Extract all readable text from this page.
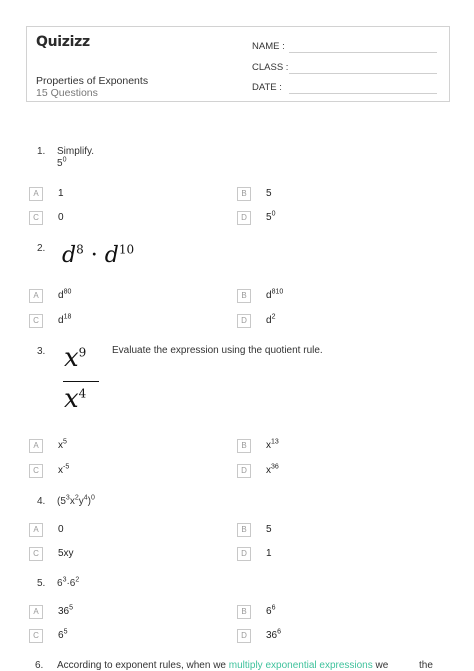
Quizizz
Properties of Exponents
15 Questions
NAME :
CLASS :
DATE :
1. Simplify.
$5^0$
A	1	B	5
C	0	D	$5^0$
2. $d^8 \cdot d^{10}$
A	$d^{80}$	B	$d^{810}$
C	$d^{18}$	D	$d^2$
3. $x^9$
$x^4$
Evaluate the expression using the quotient rule.
A	$x^5$	B	$x^{13}$
C	$x^{-5}$	D	$x^{36}$
4. $(5^3x^2y^4)^0$
A	0	B	5
C	5xy	D	1
5. $6^3\cdot 6^2$
A	$36^5$	B	$6^6$
C	$6^5$	D	$36^6$
6. According to exponent rules, when we multiply exponential expressions we	the
